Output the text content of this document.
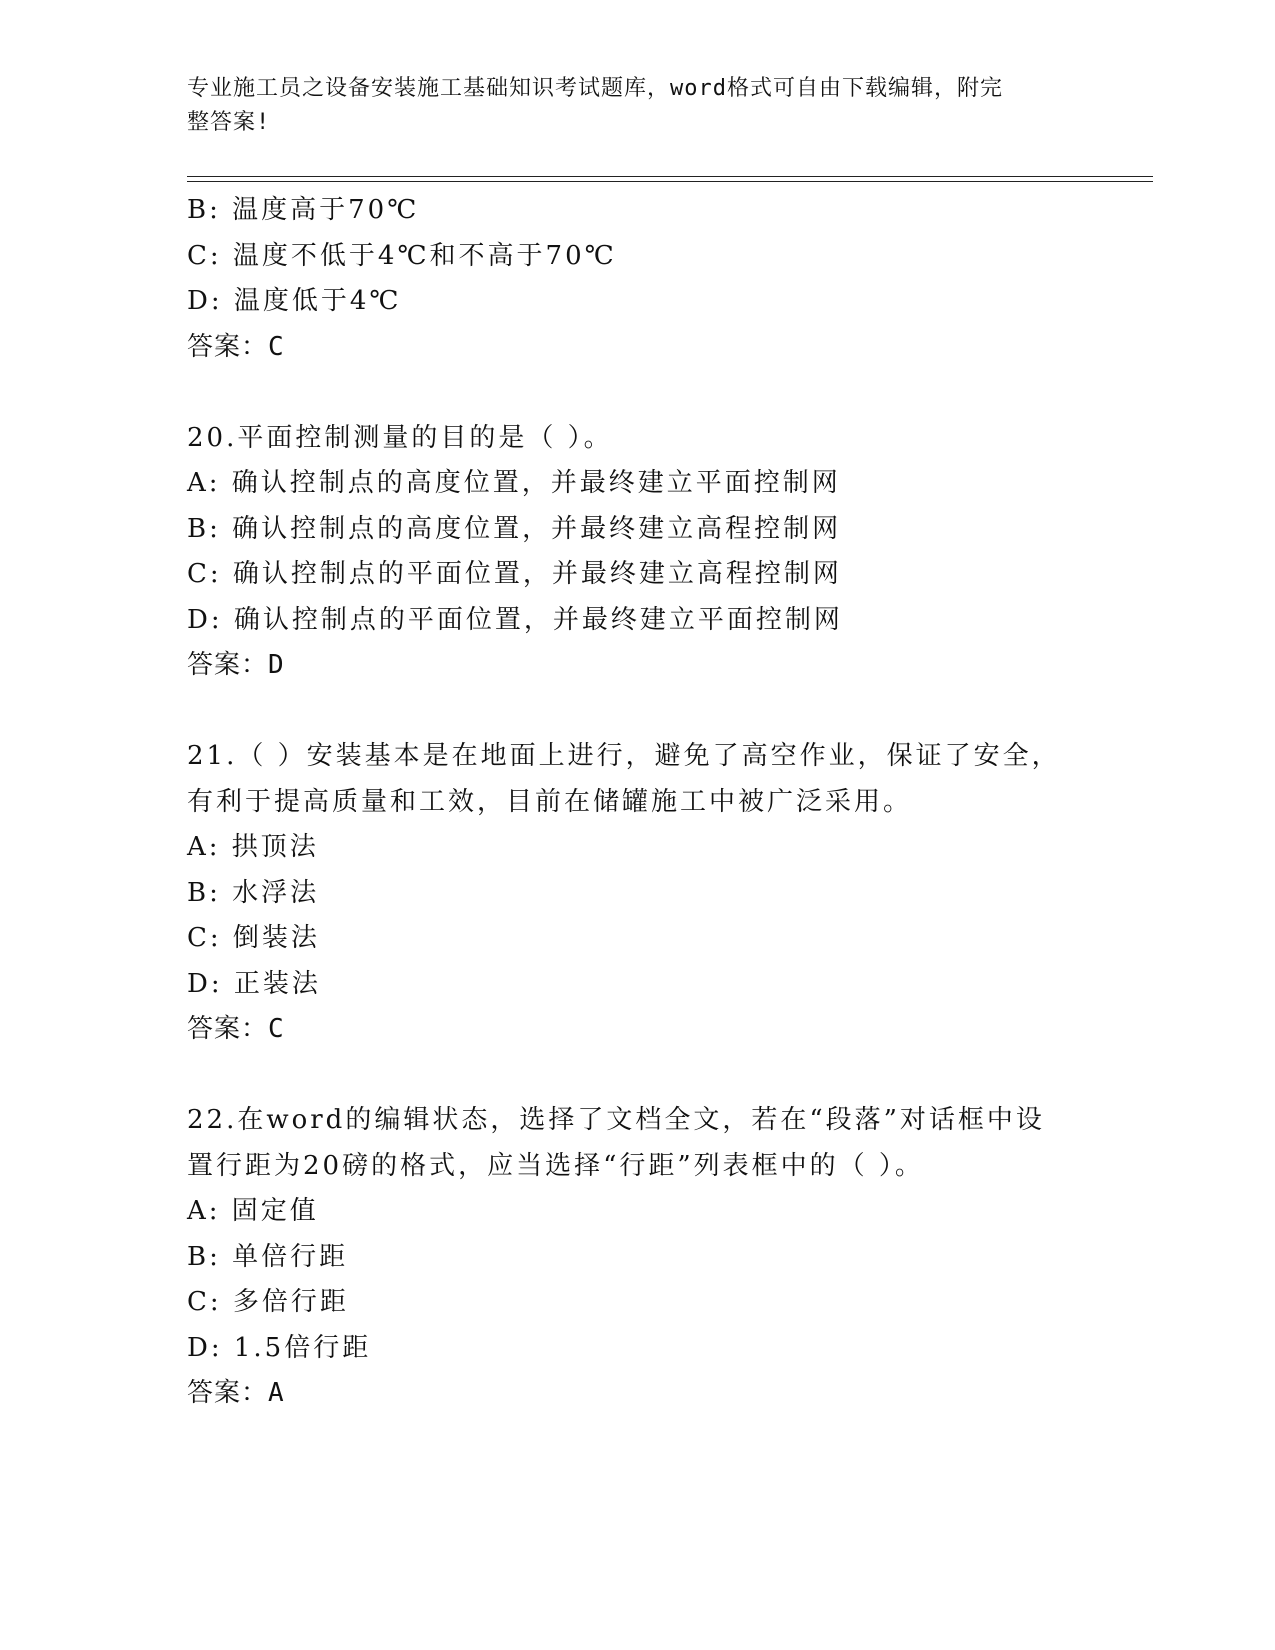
专业施工员之设备安装施工基础知识考试题库，word格式可自由下载编辑，附完
整答案!
B: 温度高于70℃
C: 温度不低于4℃和不高于70℃
D: 温度低于4℃
答案：C
20.平面控制测量的目的是（ ）。
A: 确认控制点的高度位置，并最终建立平面控制网
B: 确认控制点的高度位置，并最终建立高程控制网
C: 确认控制点的平面位置，并最终建立高程控制网
D: 确认控制点的平面位置，并最终建立平面控制网
答案：D
21.（ ）安装基本是在地面上进行，避免了高空作业，保证了安全，
有利于提高质量和工效，目前在储罐施工中被广泛采用。
A: 拱顶法
B: 水浮法
C: 倒装法
D: 正装法
答案：C
22.在word的编辑状态，选择了文档全文，若在“段落”对话框中设
置行距为20磅的格式，应当选择“行距”列表框中的（ ）。
A: 固定值
B: 单倍行距
C: 多倍行距
D: 1.5倍行距
答案：A
